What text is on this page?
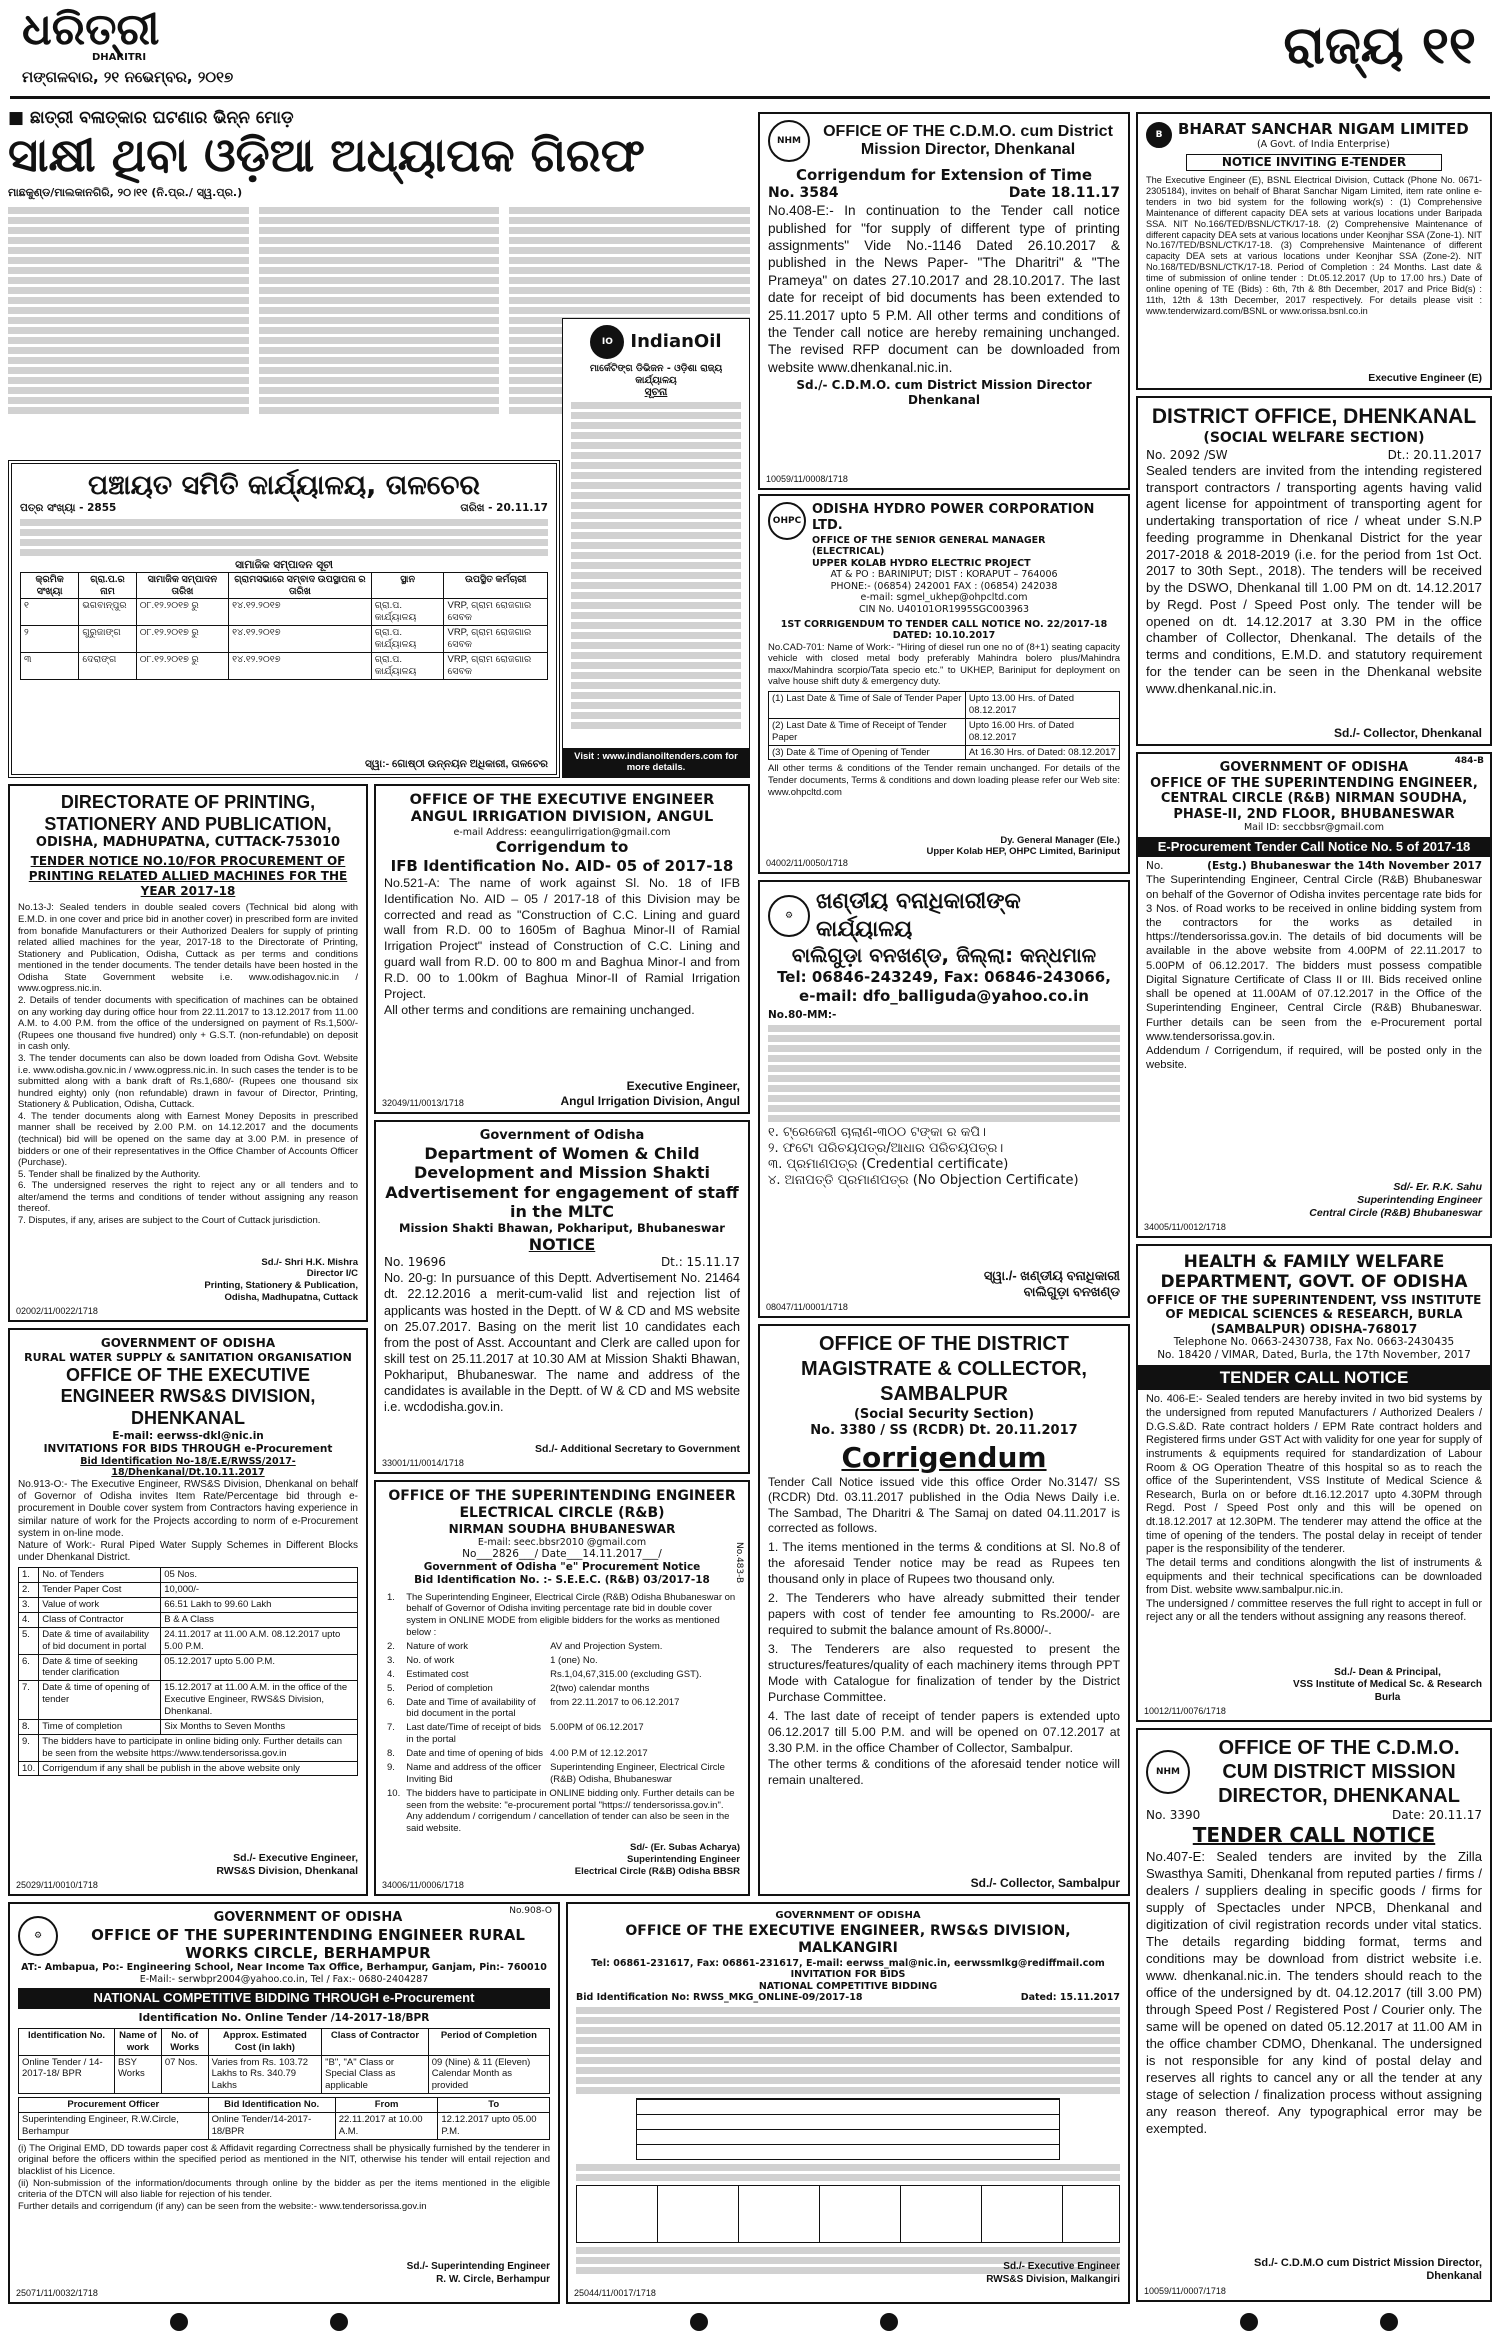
ଧରିତ୍ରୀ
DHARITRI
ମଙ୍ଗଳବାର, ୨୧ ନଭେମ୍ବର, ୨୦୧୭
ରାଜ୍ୟ ୧୧
■ ଛାତ୍ରୀ ବଳାତ୍କାର ଘଟଣାର ଭିନ୍ନ ମୋଡ଼
ସାକ୍ଷୀ ଥିବା ଓଡ଼ିଆ ଅଧ୍ୟାପକ ଗିରଫ
ମାଛକୁଣ୍ଡ/ମାଲକାନଗିରି, ୨୦।୧୧ (ନି.ପ୍ର./ ସ୍ୱ.ପ୍ର.)
ପଞ୍ଚାୟତ ସମିତି କାର୍ଯ୍ୟାଳୟ, ତାଳଚେର
ପତ୍ର ସଂଖ୍ୟା - 2855	ତାରିଖ - 20.11.17
ସାମାଜିକ ସମ୍ପାଦନ ସୂଚୀ
କ୍ରମିକ ସଂଖ୍ୟା	ଗ୍ରା.ପ.ର ନାମ	ସାମାଜିକ ସମ୍ପାଦନ ତାରିଖ	ଗ୍ରାମସଭାରେ ସମ୍ବାଦ ଉପସ୍ଥାପନା ର ତାରିଖ	ସ୍ଥାନ	ଉପସ୍ଥିତ କର୍ମଚାରୀ
୧	ଭଗବାନ୍‌ପୁର	୦୮.୧୨.୨୦୧୭ ରୁ	୧୪.୧୨.୨୦୧୭	ଗ୍ରା.ପ. କାର୍ଯ୍ୟାଳୟ	VRP, ଗ୍ରାମ ରୋଜଗାର ସେବକ
୨	ଗୁରୁଜାଙ୍ଗ	୦୮.୧୨.୨୦୧୭ ରୁ	୧୪.୧୨.୨୦୧୭	ଗ୍ରା.ପ. କାର୍ଯ୍ୟାଳୟ	VRP, ଗ୍ରାମ ରୋଜଗାର ସେବକ
୩	ଦେରାଙ୍ଗ	୦୮.୧୨.୨୦୧୭ ରୁ	୧୪.୧୨.୨୦୧୭	ଗ୍ରା.ପ. କାର୍ଯ୍ୟାଳୟ	VRP, ଗ୍ରାମ ରୋଜଗାର ସେବକ
ସ୍ୱା:- ଗୋଷ୍ଠୀ ଉନ୍ନୟନ ଅଧିକାରୀ, ତାଳଚେର
IO IndianOil
ମାର୍କେଟିଙ୍ଗ ଡିଭିଜନ - ଓଡ଼ିଶା ରାଜ୍ୟ କାର୍ଯ୍ୟାଳୟ
ସୂଚନା
Visit : www.indianoiltenders.com for more details.
NHM
OFFICE OF THE C.D.M.O. cum District Mission Director, Dhenkanal
Corrigendum for Extension of Time
No. 3584	Date 18.11.17
No.408-E:- In continuation to the Tender call notice published for "for supply of different type of printing assignments" Vide No.-1146 Dated 26.10.2017 & published in the News Paper- "The Dharitri" & "The Prameya" on dates 27.10.2017 and 28.10.2017. The last date for receipt of bid documents has been extended to 25.11.2017 upto 5 P.M. All other terms and conditions of the Tender call notice are hereby remaining unchanged. The revised RFP document can be downloaded from website www.dhenkanal.nic.in.
Sd./- C.D.M.O. cum District Mission Director
Dhenkanal
10059/11/0008/1718
B	BHARAT SANCHAR NIGAM LIMITED
(A Govt. of India Enterprise)
NOTICE INVITING E-TENDER
The Executive Engineer (E), BSNL Electrical Division, Cuttack (Phone No. 0671-2305184), invites on behalf of Bharat Sanchar Nigam Limited, item rate online e-tenders in two bid system for the following work(s) : (1) Comprehensive Maintenance of different capacity DEA sets at various locations under Baripada SSA. NIT No.166/TED/BSNL/CTK/17-18. (2) Comprehensive Maintenance of different capacity DEA sets at various locations under Keonjhar SSA (Zone-1). NIT No.167/TED/BSNL/CTK/17-18. (3) Comprehensive Maintenance of different capacity DEA sets at various locations under Keonjhar SSA (Zone-2). NIT No.168/TED/BSNL/CTK/17-18. Period of Completion : 24 Months. Last date & time of submission of online tender : Dt.05.12.2017 (Up to 17.00 hrs.) Date of online opening of TE (Bids) : 6th, 7th & 8th December, 2017 and Price Bid(s) : 11th, 12th & 13th December, 2017 respectively. For details please visit : www.tenderwizard.com/BSNL or www.orissa.bsnl.co.in
Executive Engineer (E)
DISTRICT OFFICE, DHENKANAL
(SOCIAL WELFARE SECTION)
No. 2092 /SW	Dt.: 20.11.2017
Sealed tenders are invited from the intending registered transport contractors / transporting agents having valid agent license for appointment of transporting agent for undertaking transportation of rice / wheat under S.N.P feeding programme in Dhenkanal District for the year 2017-2018 & 2018-2019 (i.e. for the period from 1st Oct. 2017 to 30th Sept., 2018). The tenders will be received by the DSWO, Dhenkanal till 1.00 PM on dt. 14.12.2017 by Regd. Post / Speed Post only. The tender will be opened on dt. 14.12.2017 at 3.30 PM in the office chamber of Collector, Dhenkanal. The details of the terms and conditions, E.M.D. and statutory requirement for the tender can be seen in the Dhenkanal website www.dhenkanal.nic.in.
Sd./- Collector, Dhenkanal
OHPC
ODISHA HYDRO POWER CORPORATION LTD.
OFFICE OF THE SENIOR GENERAL MANAGER (ELECTRICAL)
UPPER KOLAB HYDRO ELECTRIC PROJECT
AT & PO : BARINIPUT; DIST : KORAPUT – 764006
PHONE:- (06854) 242001 FAX : (06854) 242038
e-mail: sgmel_ukhep@ohpcltd.com
CIN No. U40101OR1995SGC003963
1ST CORRIGENDUM TO TENDER CALL NOTICE NO. 22/2017-18 DATED: 10.10.2017
No.CAD-701: Name of Work:- "Hiring of diesel run one no of (8+1) seating capacity vehicle with closed metal body preferably Mahindra bolero plus/Mahindra maxx/Mahindra scorpio/Tata specio etc." to UKHEP, Bariniput for deployment on valve house shift duty & emergency duty.
(1) Last Date & Time of Sale of Tender Paper	Upto 13.00 Hrs. of Dated 08.12.2017
(2) Last Date & Time of Receipt of Tender Paper	Upto 16.00 Hrs. of Dated 08.12.2017
(3) Date & Time of Opening of Tender	At 16.30 Hrs. of Dated: 08.12.2017
All other terms & conditions of the Tender remain unchanged. For details of the Tender documents, Terms & conditions and down loading please refer our Web site: www.ohpcltd.com
Dy. General Manager (Ele.)
Upper Kolab HEP, OHPC Limited, Bariniput
04002/11/0050/1718
DIRECTORATE OF PRINTING, STATIONERY AND PUBLICATION,
ODISHA, MADHUPATNA, CUTTACK-753010
TENDER NOTICE NO.10/FOR PROCUREMENT OF PRINTING RELATED ALLIED MACHINES FOR THE YEAR 2017-18
No.13-J: Sealed tenders in double sealed covers (Technical bid along with E.M.D. in one cover and price bid in another cover) in prescribed form are invited from bonafide Manufacturers or their Authorized Dealers for supply of printing related allied machines for the year, 2017-18 to the Directorate of Printing, Stationery and Publication, Odisha, Cuttack as per terms and conditions mentioned in the tender documents. The tender details have been hosted in the Odisha State Government website i.e. www.odishagov.nic.in / www.ogpress.nic.in.
2. Details of tender documents with specification of machines can be obtained on any working day during office hour from 22.11.2017 to 13.12.2017 from 11.00 A.M. to 4.00 P.M. from the office of the undersigned on payment of Rs.1,500/-(Rupees one thousand five hundred) only + G.S.T. (non-refundable) on deposit in cash only.
3. The tender documents can also be down loaded from Odisha Govt. Website i.e. www.odisha.gov.nic.in / www.ogpress.nic.in. In such cases the tender is to be submitted along with a bank draft of Rs.1,680/- (Rupees one thousand six hundred eighty) only (non refundable) drawn in favour of Director, Printing, Stationery & Publication, Odisha, Cuttack.
4. The tender documents along with Earnest Money Deposits in prescribed manner shall be received by 2.00 P.M. on 14.12.2017 and the documents (technical) bid will be opened on the same day at 3.00 P.M. in presence of bidders or one of their representatives in the Office Chamber of Accounts Officer (Purchase).
5. Tender shall be finalized by the Authority.
6. The undersigned reserves the right to reject any or all tenders and to alter/amend the terms and conditions of tender without assigning any reason thereof.
7. Disputes, if any, arises are subject to the Court of Cuttack jurisdiction.
Sd./- Shri H.K. Mishra
Director I/C
Printing, Stationery & Publication,
Odisha, Madhupatna, Cuttack
02002/11/0022/1718
OFFICE OF THE EXECUTIVE ENGINEER ANGUL IRRIGATION DIVISION, ANGUL
e-mail Address: eeangulirrigation@gmail.com
Corrigendum to
IFB Identification No. AID- 05 of 2017-18
No.521-A: The name of work against Sl. No. 18 of IFB Identification No. AID – 05 / 2017-18 of this Division may be corrected and read as "Construction of C.C. Lining and guard wall from R.D. 00 to 1605m of Baghua Minor-II of Ramial Irrigation Project" instead of Construction of C.C. Lining and guard wall from R.D. 00 to 800 m and Baghua Minor-I and from R.D. 00 to 1.00km of Baghua Minor-II of Ramial Irrigation Project.
All other terms and conditions are remaining unchanged.
Executive Engineer,
Angul Irrigation Division, Angul
32049/11/0013/1718
⚙
ଖଣ୍ଡୀୟ ବନାଧିକାରୀଙ୍କ କାର୍ଯ୍ୟାଳୟ
ବାଲିଗୁଡ଼ା ବନଖଣ୍ଡ, ଜିଲ୍ଲା: କନ୍ଧମାଳ
Tel: 06846-243249, Fax: 06846-243066,
e-mail: dfo_balliguda@yahoo.co.in
No.80-MM:-
୧. ଟ୍ରେଜେରୀ ଚାଲାଣ-୩୦୦ ଟଙ୍କା ର କପି।
୨. ଫଟୋ ପରିଚୟପତ୍ର/ଆଧାର ପରିଚୟପତ୍ର।
୩. ପ୍ରମାଣପତ୍ର (Credential certificate)
୪. ଅନାପତ୍ତି ପ୍ରମାଣପତ୍ର (No Objection Certificate)
ସ୍ୱା./- ଖଣ୍ଡୀୟ ବନାଧିକାରୀ
ବାଲିଗୁଡ଼ା ବନଖଣ୍ଡ
08047/11/0001/1718
484-B
GOVERNMENT OF ODISHA
OFFICE OF THE SUPERINTENDING ENGINEER, CENTRAL CIRCLE (R&B) NIRMAN SOUDHA, PHASE-II, 2ND FLOOR, BHUBANESWAR
Mail ID: seccbbsr@gmail.com
E-Procurement Tender Call Notice No. 5 of 2017-18
No.	(Estg.) Bhubaneswar the 14th November 2017
The Superintending Engineer, Central Circle (R&B) Bhubaneswar on behalf of the Governor of Odisha invites percentage rate bids for 3 Nos. of Road works to be received in online bidding system from the contractors for the works as detailed in https://tendersorissa.gov.in. The details of bid documents will be available in the above website from 4.00PM of 22.11.2017 to 5.00PM of 06.12.2017. The bidders must possess compatible Digital Signature Certificate of Class II or III. Bids received online shall be opened at 11.00AM of 07.12.2017 in the Office of the Superintending Engineer, Central Circle (R&B) Bhubaneswar. Further details can be seen from the e-Procurement portal www.tendersorissa.gov.in.
Addendum / Corrigendum, if required, will be posted only in the website.
Sd/- Er. R.K. Sahu
Superintending Engineer
Central Circle (R&B) Bhubaneswar
34005/11/0012/1718
Government of Odisha
Department of Women & Child Development and Mission Shakti Advertisement for engagement of staff in the MLTC
Mission Shakti Bhawan, Pokhariput, Bhubaneswar
NOTICE
No. 19696	Dt.: 15.11.17
No. 20-g: In pursuance of this Deptt. Advertisement No. 21464 dt. 22.12.2016 a merit-cum-valid list and rejection list of applicants was hosted in the Deptt. of W & CD and MS website on 25.07.2017. Basing on the merit list 10 candidates each from the post of Asst. Accountant and Clerk are called upon for skill test on 25.11.2017 at 10.30 AM at Mission Shakti Bhawan, Pokhariput, Bhubaneswar. The name and address of the candidates is available in the Deptt. of W & CD and MS website i.e. wcdodisha.gov.in.
Sd./- Additional Secretary to Government
33001/11/0014/1718
HEALTH & FAMILY WELFARE DEPARTMENT, GOVT. OF ODISHA
OFFICE OF THE SUPERINTENDENT, VSS INSTITUTE OF MEDICAL SCIENCES & RESEARCH, BURLA (SAMBALPUR) ODISHA-768017
Telephone No. 0663-2430738, Fax No. 0663-2430435
No. 18420 / VIMAR, Dated, Burla, the 17th November, 2017
TENDER CALL NOTICE
No. 406-E:- Sealed tenders are hereby invited in two bid systems by the undersigned from reputed Manufacturers / Authorized Dealers / D.G.S.&D. Rate contract holders / EPM Rate contract holders and Registered firms under GST Act with validity for one year for supply of instruments & equipments required for standardization of Labour Room & OG Operation Theatre of this hospital so as to reach the office of the Superintendent, VSS Institute of Medical Science & Research, Burla on or before dt.16.12.2017 upto 4.30PM through Regd. Post / Speed Post only and this will be opened on dt.18.12.2017 at 12.30PM. The tenderer may attend the office at the time of opening of the tenders. The postal delay in receipt of tender paper is the responsibility of the tenderer.
The detail terms and conditions alongwith the list of instruments & equipments and their technical specifications can be downloaded from Dist. website www.sambalpur.nic.in.
The undersigned / committee reserves the full right to accept in full or reject any or all the tenders without assigning any reasons thereof.
Sd./- Dean & Principal,
VSS Institute of Medical Sc. & Research
Burla
10012/11/0076/1718
GOVERNMENT OF ODISHA
RURAL WATER SUPPLY & SANITATION ORGANISATION
OFFICE OF THE EXECUTIVE ENGINEER RWS&S DIVISION, DHENKANAL
E-mail: eerwss-dkl@nic.in
INVITATIONS FOR BIDS THROUGH e-Procurement
Bid Identification No-18/E.E/RWSS/2017-18/Dhenkanal/Dt.10.11.2017
No.913-O:- The Executive Engineer, RWS&S Division, Dhenkanal on behalf of Governor of Odisha invites Item Rate/Percentage bid through e-procurement in Double cover system from Contractors having experience in similar nature of work for the Projects according to norm of e-Procurement system in on-line mode.
Nature of Work:- Rural Piped Water Supply Schemes in Different Blocks under Dhenkanal District.
1.	No. of Tenders	05 Nos.
2.	Tender Paper Cost	10,000/-
3.	Value of work	66.51 Lakh to 99.60 Lakh
4.	Class of Contractor	B & A Class
5.	Date & time of availability of bid document in portal	24.11.2017 at 11.00 A.M. 08.12.2017 upto 5.00 P.M.
6.	Date & time of seeking tender clarification	05.12.2017 upto 5.00 P.M.
7.	Date & time of opening of tender	15.12.2017 at 11.00 A.M. in the office of the Executive Engineer, RWS&S Division, Dhenkanal.
8.	Time of completion	Six Months to Seven Months
9.	The bidders have to participate in online biding only. Further details can be seen from the website https://www.tendersorissa.gov.in	
10.	Corrigendum if any shall be publish in the above website only	
Sd./- Executive Engineer,
RWS&S Division, Dhenkanal
25029/11/0010/1718
No.483-B
OFFICE OF THE SUPERINTENDING ENGINEER ELECTRICAL CIRCLE (R&B)
NIRMAN SOUDHA BHUBANESWAR
E-mail: seec.bbsr2010 @gmail.com
No___2826___/ Date___14.11.2017___/
Government of Odisha "e" Procurement Notice
Bid Identification No. :- S.E.E.C. (R&B) 03/2017-18
1.	The Superintending Engineer, Electrical Circle (R&B) Odisha Bhubaneswar on behalf of Governor of Odisha inviting percentage rate bid in double cover system in ONLINE MODE from eligible bidders for the works as mentioned below :	
2.	Nature of work	AV and Projection System.
3.	No. of work	1 (one) No.
4.	Estimated cost	Rs.1,04,67,315.00 (excluding GST).
5.	Period of completion	2(two) calendar months
6.	Date and Time of availability of bid document in the portal	from 22.11.2017 to 06.12.2017
7.	Last date/Time of receipt of bids in the portal	5.00PM of 06.12.2017
8.	Date and time of opening of bids	4.00 P.M of 12.12.2017
9.	Name and address of the officer Inviting Bid	Superintending Engineer, Electrical Circle (R&B) Odisha, Bhubaneswar
10.	The bidders have to participate in ONLINE bidding only. Further details can be seen from the website: "e-procurement portal "https:// tendersorissa.gov.in". Any addendum / corrigendum / cancellation of tender can also be seen in the said website.	
Sd/- (Er. Subas Acharya)
Superintending Engineer
Electrical Circle (R&B) Odisha BBSR
34006/11/0006/1718
OFFICE OF THE DISTRICT MAGISTRATE & COLLECTOR, SAMBALPUR
(Social Security Section)
No. 3380 / SS (RCDR) Dt. 20.11.2017
Corrigendum
Tender Call Notice issued vide this office Order No.3147/ SS (RCDR) Dtd. 03.11.2017 published in the Odia News Daily i.e. The Sambad, The Dharitri & The Samaj on dated 04.11.2017 is corrected as follows.
1. The items mentioned in the terms & conditions at Sl. No.8 of the aforesaid Tender notice may be read as Rupees ten thousand only in place of Rupees two thousand only.
2. The Tenderers who have already submitted their tender papers with cost of tender fee amounting to Rs.2000/- are required to submit the balance amount of Rs.8000/-.
3. The Tenderers are also requested to present the structures/features/quality of each machinery items through PPT Mode with Catalogue for finalization of tender by the District Purchase Committee.
4. The last date of receipt of tender papers is extended upto 06.12.2017 till 5.00 P.M. and will be opened on 07.12.2017 at 3.30 P.M. in the office Chamber of Collector, Sambalpur.
The other terms & conditions of the aforesaid tender notice will remain unaltered.
Sd./- Collector, Sambalpur
NHM
OFFICE OF THE C.D.M.O. CUM DISTRICT MISSION DIRECTOR, DHENKANAL
No. 3390	Date: 20.11.17
TENDER CALL NOTICE
No.407-E: Sealed tenders are invited by the Zilla Swasthya Samiti, Dhenkanal from reputed parties / firms / dealers / suppliers dealing in specific goods / firms for supply of Spectacles under NPCB, Dhenkanal and digitization of civil registration records under vital statics. The details regarding bidding format, terms and conditions may be download from district website i.e. www. dhenkanal.nic.in. The tenders should reach to the office of the undersigned by dt. 04.12.2017 (till 3.00 PM) through Speed Post / Registered Post / Courier only. The same will be opened on dated 05.12.2017 at 11.00 AM in the office chamber CDMO, Dhenkanal. The undersigned is not responsible for any kind of postal delay and reserves all rights to cancel any or all the tender at any stage of selection / finalization process without assigning any reason thereof. Any typographical error may be exempted.
Sd./- C.D.M.O cum District Mission Director,
Dhenkanal
10059/11/0007/1718
No.908-O
⚙
GOVERNMENT OF ODISHA
OFFICE OF THE SUPERINTENDING ENGINEER RURAL WORKS CIRCLE, BERHAMPUR
AT:- Ambapua, Po:- Engineering School, Near Income Tax Office, Berhampur, Ganjam, Pin:- 760010
E-Mail:- serwbpr2004@yahoo.co.in, Tel / Fax:- 0680-2404287
NATIONAL COMPETITIVE BIDDING THROUGH e-Procurement
Identification No. Online Tender /14-2017-18/BPR
Identification No.	Name of work	No. of Works	Approx. Estimated Cost (in lakh)	Class of Contractor	Period of Completion
Online Tender / 14-2017-18/ BPR	BSY Works	07 Nos.	Varies from Rs. 103.72 Lakhs to Rs. 340.79 Lakhs	"B", "A" Class or Special Class as applicable	09 (Nine) & 11 (Eleven) Calendar Month as provided
Procurement Officer	Bid Identification No.	From	To
Superintending Engineer, R.W.Circle, Berhampur	Online Tender/14-2017-18/BPR	22.11.2017 at 10.00 A.M.	12.12.2017 upto 05.00 P.M.
(i) The Original EMD, DD towards paper cost & Affidavit regarding Correctness shall be physically furnished by the tenderer in original before the officers within the specified period as mentioned in the NIT, otherwise his tender will entail rejection and blacklist of his Licence.
(ii) Non-submission of the information/documents through online by the bidder as per the items mentioned in the eligible criteria of the DTCN will also liable for rejection of his tender.
Further details and corrigendum (if any) can be seen from the website:- www.tendersorissa.gov.in
Sd./- Superintending Engineer
R. W. Circle, Berhampur
25071/11/0032/1718
GOVERNMENT OF ODISHA
OFFICE OF THE EXECUTIVE ENGINEER, RWS&S DIVISION, MALKANGIRI
Tel: 06861-231617, Fax: 06861-231617, E-mail: eerwss_mal@nic.in, eerwssmlkg@rediffmail.com
INVITATION FOR BIDS
NATIONAL COMPETITIVE BIDDING
Bid Identification No: RWSS_MKG_ONLINE-09/2017-18	Dated: 15.11.2017
Sd./- Executive Engineer
RWS&S Division, Malkangiri
25044/11/0017/1718
